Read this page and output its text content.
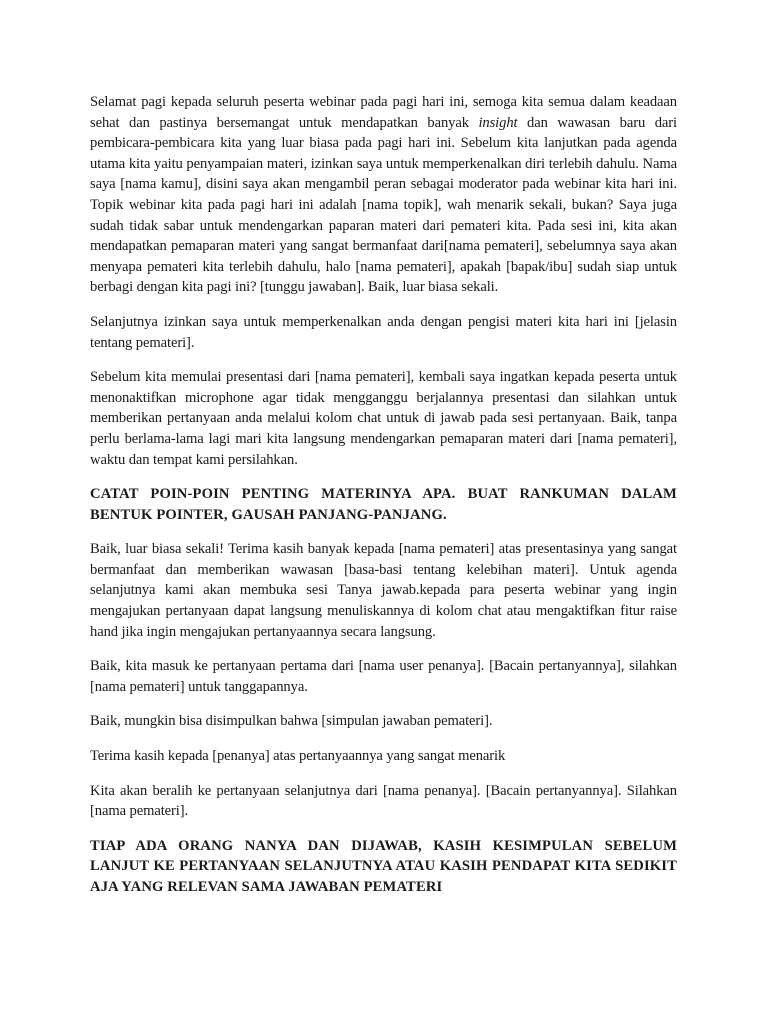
Selamat pagi kepada seluruh peserta webinar pada pagi hari ini, semoga kita semua dalam keadaan sehat dan pastinya bersemangat untuk mendapatkan banyak insight dan wawasan baru dari pembicara-pembicara kita yang luar biasa pada pagi hari ini. Sebelum kita lanjutkan pada agenda utama kita yaitu penyampaian materi, izinkan saya untuk memperkenalkan diri terlebih dahulu. Nama saya [nama kamu], disini saya akan mengambil peran sebagai moderator pada webinar kita hari ini. Topik webinar kita pada pagi hari ini adalah [nama topik], wah menarik sekali, bukan? Saya juga sudah tidak sabar untuk mendengarkan paparan materi dari pemateri kita. Pada sesi ini, kita akan mendapatkan pemaparan materi yang sangat bermanfaat dari[nama pemateri], sebelumnya saya akan menyapa pemateri kita terlebih dahulu, halo [nama pemateri], apakah [bapak/ibu] sudah siap untuk berbagi dengan kita pagi ini? [tunggu jawaban]. Baik, luar biasa sekali.

Selanjutnya izinkan saya untuk memperkenalkan anda dengan pengisi materi kita hari ini [jelasin tentang pemateri].

Sebelum kita memulai presentasi dari [nama pemateri], kembali saya ingatkan kepada peserta untuk menonaktifkan microphone agar tidak mengganggu berjalannya presentasi dan silahkan untuk memberikan pertanyaan anda melalui kolom chat untuk di jawab pada sesi pertanyaan. Baik, tanpa perlu berlama-lama lagi mari kita langsung mendengarkan pemaparan materi dari [nama pemateri], waktu dan tempat kami persilahkan.

CATAT POIN-POIN PENTING MATERINYA APA. BUAT RANKUMAN DALAM BENTUK POINTER, GAUSAH PANJANG-PANJANG.

Baik, luar biasa sekali! Terima kasih banyak kepada [nama pemateri] atas presentasinya yang sangat bermanfaat dan memberikan wawasan [basa-basi tentang kelebihan materi]. Untuk agenda selanjutnya kami akan membuka sesi Tanya jawab.kepada para peserta webinar yang ingin mengajukan pertanyaan dapat langsung menuliskannya di kolom chat atau mengaktifkan fitur raise hand jika ingin mengajukan pertanyaannya secara langsung.

Baik, kita masuk ke pertanyaan pertama dari [nama user penanya]. [Bacain pertanyannya], silahkan [nama pemateri] untuk tanggapannya.

Baik, mungkin bisa disimpulkan bahwa [simpulan jawaban pemateri].

Terima kasih kepada [penanya] atas pertanyaannya yang sangat menarik

Kita akan beralih ke pertanyaan selanjutnya dari [nama penanya]. [Bacain pertanyannya]. Silahkan [nama pemateri].

TIAP ADA ORANG NANYA DAN DIJAWAB, KASIH KESIMPULAN SEBELUM LANJUT KE PERTANYAAN SELANJUTNYA ATAU KASIH PENDAPAT KITA SEDIKIT AJA YANG RELEVAN SAMA JAWABAN PEMATERI
